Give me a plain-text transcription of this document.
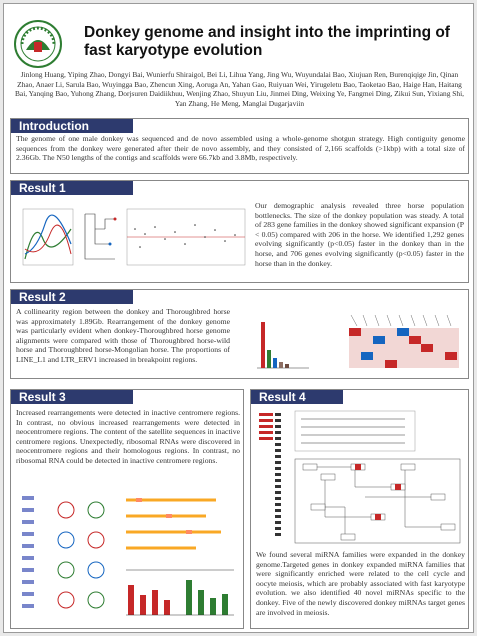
Donkey genome and insight into the imprinting of fast karyotype evolution
Jinlong Huang, Yiping Zhao, Dongyi Bai, Wunierfu Shiraigol, Bei Li, Lihua Yang, Jing Wu, Wuyundalai Bao, Xiujuan Ren, Burenqiqige Jin, Qinan Zhao, Anaer Li, Sarula Bao, Wuyingga Bao, Zhencun Xing, Aoruga An, Yahan Gao, Ruiyuan Wei, Yirugeletu Bao, Taoketao Bao, Haige Han, Haitang Bai, Yanqing Bao, Yuhong Zhang, Dorjsuren Daidiikhuu, Wenjing Zhao, Shuyun Liu, Jinmei Ding, Weixing Ye, Fangmei Ding, Zikui Sun, Yixiang Shi, Yan Zhang, He Meng, Manglai Dugarjaviin
Introduction
The genome of one male donkey was sequenced and de novo assembled using a whole-genome shotgun strategy. High contiguity genome sequences from the donkey were generated after their de novo assembly, and they consisted of 2,166 scaffolds (>1kbp) with a total size of 2.36Gb. The N50 lengths of the contigs and scaffolds were 66.7kb and 3.8Mb, respectively.
Result 1
Our demographic analysis revealed three horse population bottlenecks. The size of the donkey population was steady. A total of 283 gene families in the donkey showed significant expansion (P < 0.05) compared with 206 in the horse. We identified 1,292 genes evolving significantly (p<0.05) faster in the donkey than in the horse, and 706 genes evolving significantly (p<0.05) faster in the horse than in the donkey.
Result 2
A collinearity region between the donkey and Thoroughbred horse was approximately 1.89Gb. Rearrangement of the donkey genome was particularly evident when donkey-Thoroughbred horse genome alignments were compared with those of Thoroughbred horse-wild horse and Thoroughbred horse-Mongolian horse. The proportions of LINE_L1 and LTR_ERV1 increased in breakpoint regions.
Result 3
Increased rearrangements were detected in inactive centromere regions. In contrast, no obvious increased rearrangements were detected in neocentromere regions. The content of the satellite sequences in inactive centromere regions. Unexpectedly, ribosomal RNAs were discovered in neocentromere regions and their homologous regions. In contrast, no ribosomal RNA could be detected in inactive centromere regions.
Result 4
We found several miRNA families were expanded in the donkey genome.Targeted genes in donkey expanded miRNA families that were significantly enriched were related to the cell cycle and oocyte meiosis, which are probably associated with fast karyotype evolution. we also identified 40 novel miRNAs specific to the donkey. Five of the newly discovered donkey miRNAs target genes are involved in meiosis.
